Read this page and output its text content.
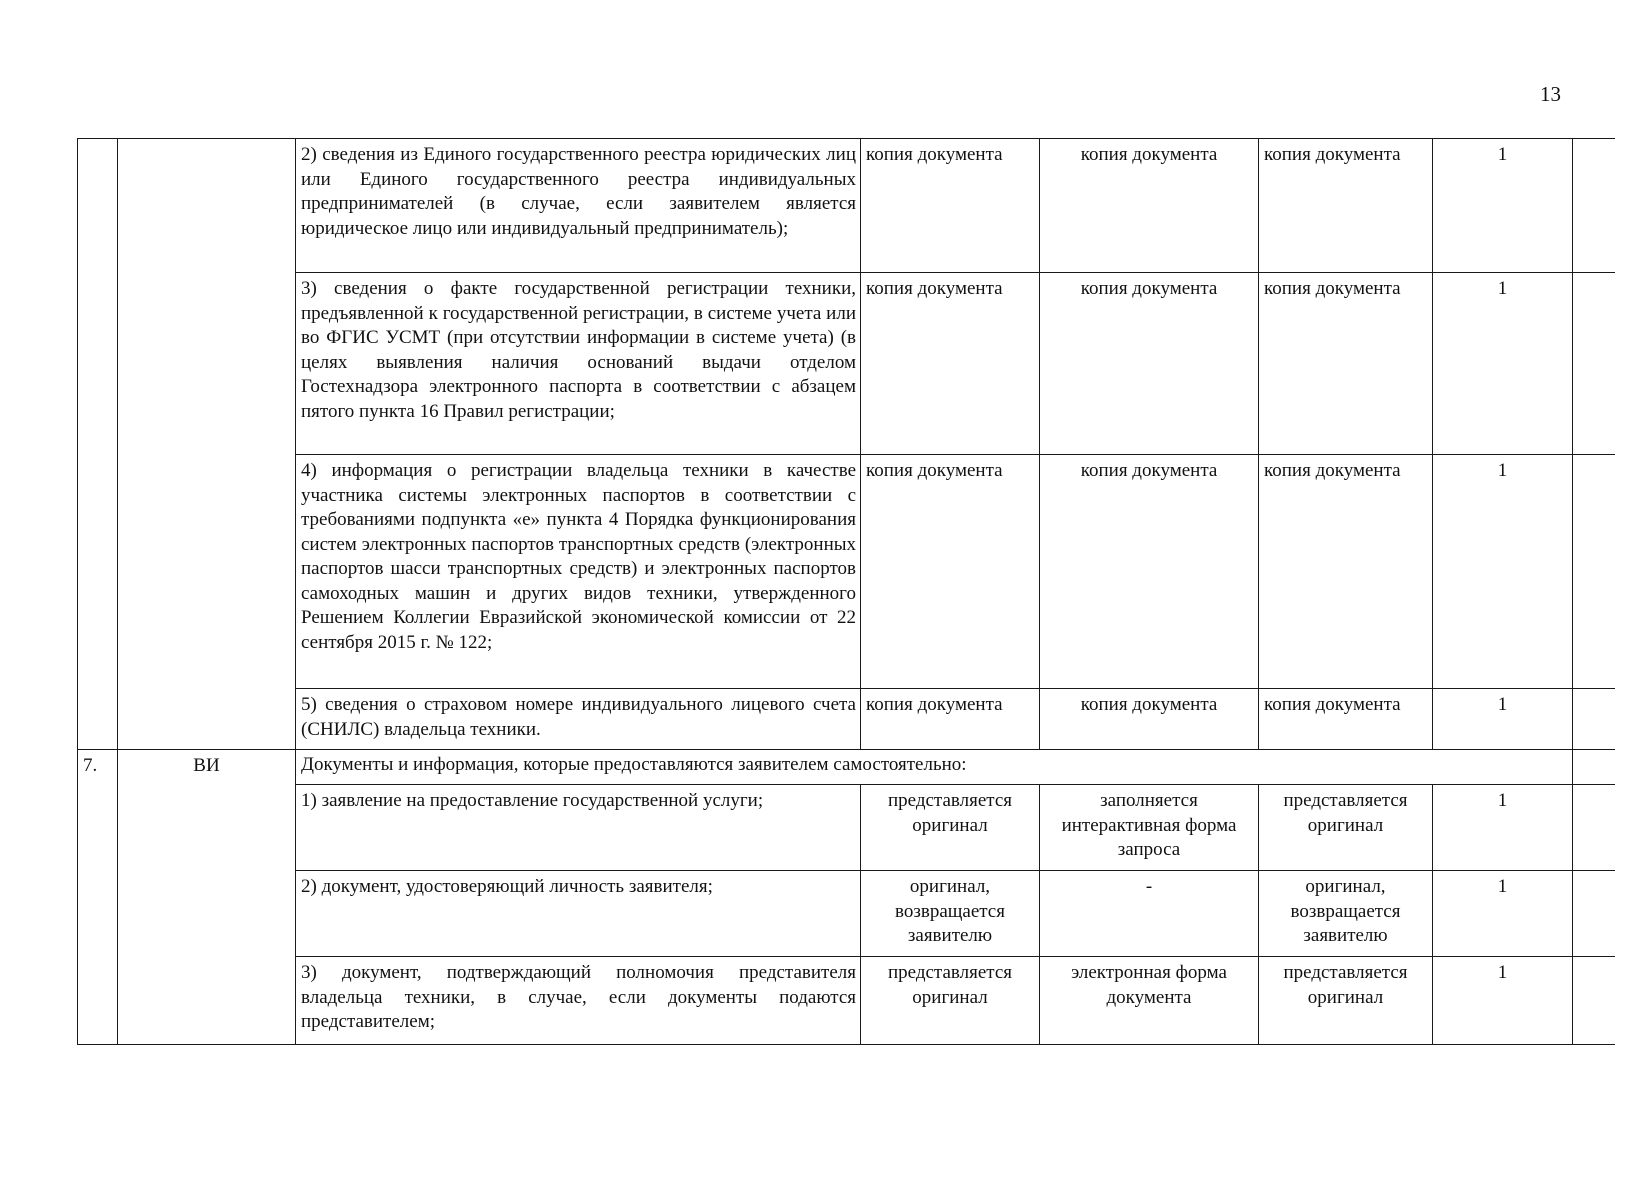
13
		2) сведения из Единого государственного реестра юридических лиц или Единого государственного реестра индивидуальных предпринимателей (в случае, если заявителем является юридическое лицо или индивидуальный предприниматель);	копия документа	копия документа	копия документа	1	
		3) сведения о факте государственной регистрации техники, предъявленной к государственной регистрации, в системе учета или во ФГИС УСМТ (при отсутствии информации в системе учета) (в целях выявления наличия оснований выдачи отделом Гостехнадзора электронного паспорта в соответствии с абзацем пятого пункта 16 Правил регистрации;	копия документа	копия документа	копия документа	1	
		4) информация о регистрации владельца техники в качестве участника системы электронных паспортов в соответствии с требованиями подпункта «е» пункта 4 Порядка функционирования систем электронных паспортов транспортных средств (электронных паспортов шасси транспортных средств) и электронных паспортов самоходных машин и других видов техники, утвержденного Решением Коллегии Евразийской экономической комиссии от 22 сентября 2015 г. № 122;	копия документа	копия документа	копия документа	1	
		5) сведения о страховом номере индивидуального лицевого счета (СНИЛС) владельца техники.	копия документа	копия документа	копия документа	1	
7.	ВИ	Документы и информация, которые предоставляются заявителем самостоятельно:					
		1) заявление на предоставление государственной услуги;	представляется оригинал	заполняется интерактивная форма запроса	представляется оригинал	1	
		2) документ, удостоверяющий личность заявителя;	оригинал, возвращается заявителю	-	оригинал, возвращается заявителю	1	
		3) документ, подтверждающий полномочия представителя владельца техники, в случае, если документы подаются представителем;	представляется оригинал	электронная форма документа	представляется оригинал	1	
